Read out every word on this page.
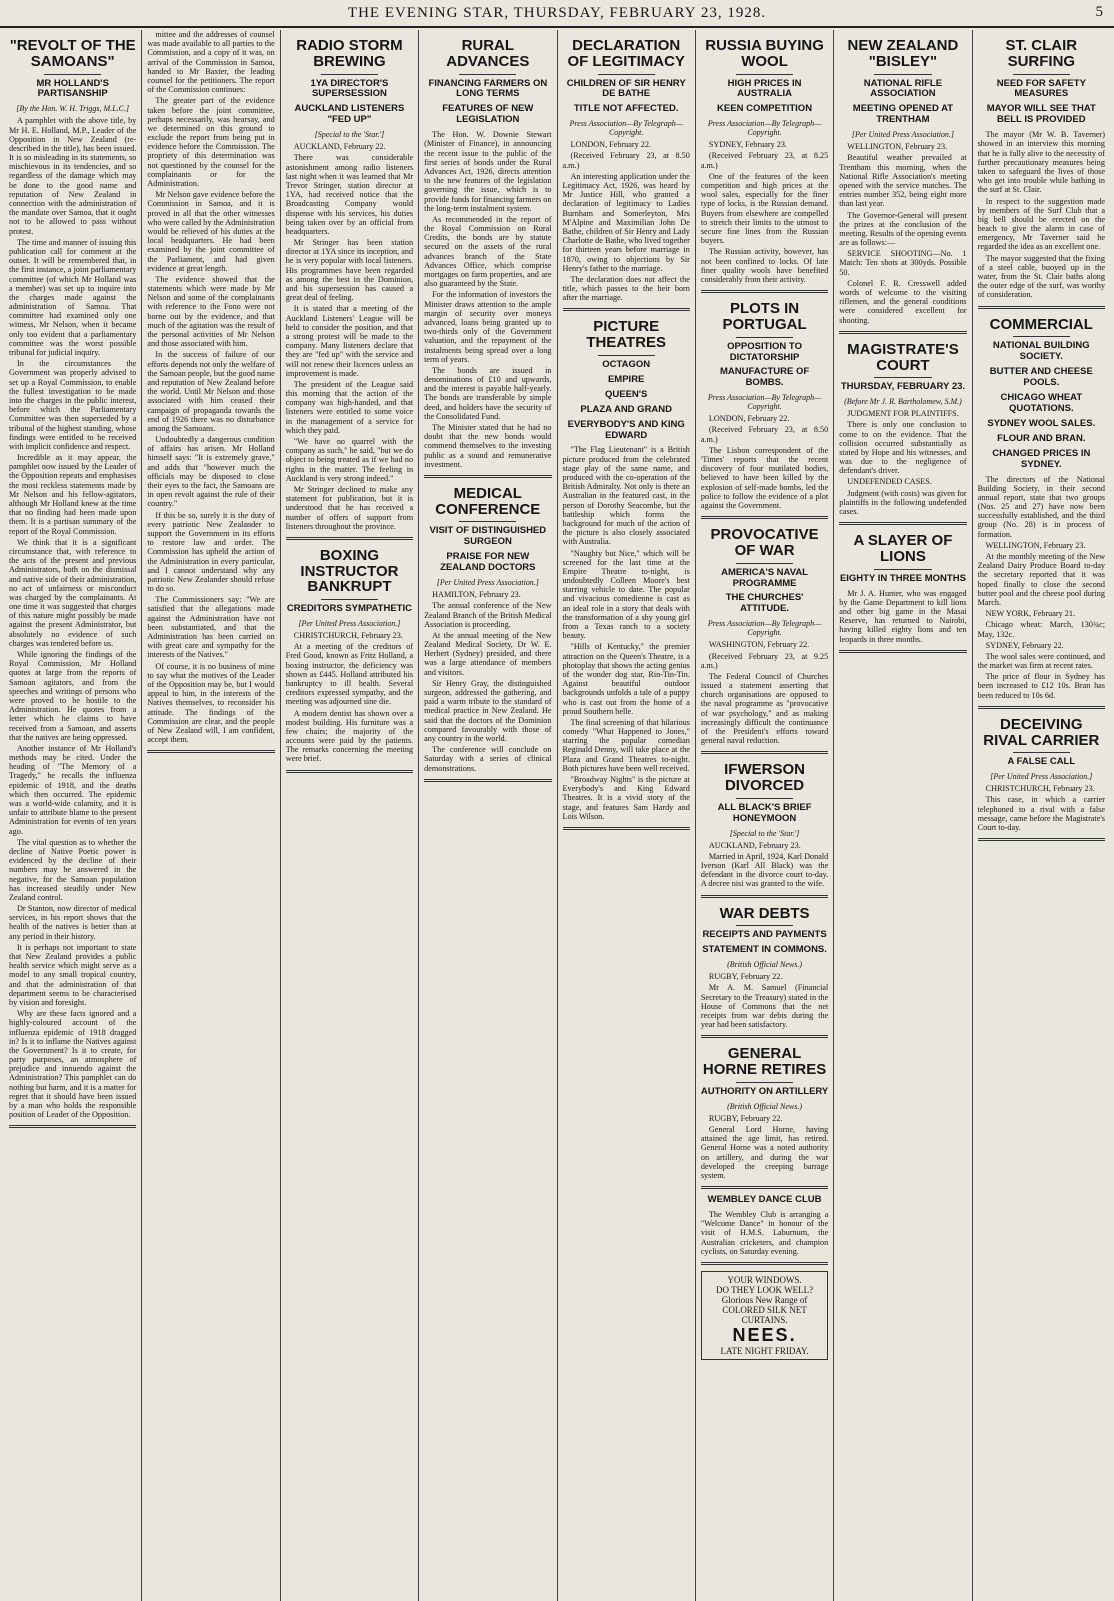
THE EVENING STAR, THURSDAY, FEBRUARY 23, 1928.	5
"REVOLT OF THE SAMOANS"
MR HOLLAND'S PARTISANSHIP
[By the Hon. W. H. Triggs, M.L.C.]

A pamphlet with the above title, by Mr H. E. Holland, M.P., Leader of the Opposition in New Zealand (re-described in the title), has been issued. It is so misleading in its statements, so mischievous in its tendencies, and so regardless of the damage which may be done to the good name and reputation of New Zealand in connection with the administration of the mandate over Samoa, that it ought not to be allowed to pass without protest.

The time and manner of issuing this publication call for comment at the outset. It will be remembered that, in the first instance, a joint parliamentary committee (of which Mr Holland was a member) was set up to inquire into the charges made against the administration of Samoa. That committee had examined only one witness, Mr Nelson, when it became only too evident that a parliamentary committee was the worst possible tribunal for judicial inquiry.

In the circumstances the Government was properly advised to set up a Royal Commission, to enable the fullest investigation to be made into the charges in the public interest, before which the Parliamentary Committee was then superseded by a tribunal of the highest standing, whose findings were entitled to be received with implicit confidence and respect.

Incredible as it may appear, the pamphlet now issued by the Leader of the Opposition repeats and emphasises the most reckless statements made by Mr Nelson and his fellow-agitators, although Mr Holland knew at the time that no finding had been made upon them. It is a partisan summary of the report of the Royal Commission.

We think that it is a significant circumstance that, with reference to the acts of the present and previous Administrators, both on the dismissal and native side of their administration, no act of unfairness or misconduct was charged by the complainants. At one time it was suggested that charges of this nature might possibly be made against the present Administrator, but absolutely no evidence of such charges was tendered before us.

While ignoring the findings of the Royal Commission, Mr Holland quotes at large from the reports of Samoan agitators, and from the speeches and writings of persons who were proved to be hostile to the Administration. He quotes from a letter which he claims to have received from a Samoan, and asserts that the natives are being oppressed.

Another instance of Mr Holland's methods may be cited. Under the heading of "The Memory of a Tragedy," he recalls the influenza epidemic of 1918, and the deaths which then occurred. The epidemic was a world-wide calamity, and it is unfair to attribute blame to the present Administration for events of ten years ago.

The vital question as to whether the decline of Native Poetic power is evidenced by the decline of their numbers may be answered in the negative, for the Samoan population has increased steadily under New Zealand control.

Dr Stanton, now director of medical services, in his report shows that the health of the natives is better than at any period in their history.

It is perhaps not important to state that New Zealand provides a public health service which might serve as a model to any small tropical country, and that the administration of that department seems to be characterised by vision and foresight.

Why are these facts ignored and a highly-coloured account of the influenza epidemic of 1918 dragged in? Is it to inflame the Natives against the Government? Is it to create, for party purposes, an atmosphere of prejudice and innuendo against the Administration? This pamphlet can do nothing but harm, and it is a matter for regret that it should have been issued by a man who holds the responsible position of Leader of the Opposition.

mittee and the addresses of counsel was made available to all parties to the Commission, and a copy of it was, on arrival of the Commission in Samoa, handed to Mr Baxter, the leading counsel for the petitioners. The report of the Commission continues:

The greater part of the evidence taken before the joint committee, perhaps necessarily, was hearsay, and we determined on this ground to exclude the report from being put in evidence before the Commission. The propriety of this determination was not questioned by the counsel for the complainants or for the Administration.

Mr Nelson gave evidence before the Commission in Samoa, and it is proved in all that the other witnesses who were called by the Administration would be relieved of his duties at the local headquarters. He had been examined by the joint committee of the Parliament, and had given evidence at great length.

The evidence showed that the statements which were made by Mr Nelson and some of the complainants with reference to the Fono were not borne out by the evidence, and that much of the agitation was the result of the personal activities of Mr Nelson and those associated with him.

In the success of failure of our efforts depends not only the welfare of the Samoan people, but the good name and reputation of New Zealand before the world. Until Mr Nelson and those associated with him ceased their campaign of propaganda towards the end of 1926 there was no disturbance among the Samoans.

Undoubtedly a dangerous condition of affairs has arisen. Mr Holland himself says: "It is extremely grave," and adds that "however much the officials may be disposed to close their eyes to the fact, the Samoans are in open revolt against the rule of their country."

If this be so, surely it is the duty of every patriotic New Zealander to support the Government in its efforts to restore law and order. The Commission has upheld the action of the Administration in every particular, and I cannot understand why any patriotic New Zealander should refuse to do so.

The Commissioners say: "We are satisfied that the allegations made against the Administration have not been substantiated, and that the Administration has been carried on with great care and sympathy for the interests of the Natives."

Of course, it is no business of mine to say what the motives of the Leader of the Opposition may be, but I would appeal to him, in the interests of the Natives themselves, to reconsider his attitude. The findings of the Commission are clear, and the people of New Zealand will, I am confident, accept them.

RADIO STORM BREWING
1YA DIRECTOR'S SUPERSESSION
AUCKLAND LISTENERS "FED UP"
[Special to the 'Star.']

AUCKLAND, February 22.

There was considerable astonishment among radio listeners last night when it was learned that Mr Trevor Stringer, station director at 1YA, had received notice that the Broadcasting Company would dispense with his services, his duties being taken over by an official from headquarters.

Mr Stringer has been station director at 1YA since its inception, and he is very popular with local listeners. His programmes have been regarded as among the best in the Dominion, and his supersession has caused a great deal of feeling.

It is stated that a meeting of the Auckland Listeners' League will be held to consider the position, and that a strong protest will be made to the company. Many listeners declare that they are "fed up" with the service and will not renew their licences unless an improvement is made.

The president of the League said this morning that the action of the company was high-handed, and that listeners were entitled to some voice in the management of a service for which they paid.

"We have no quarrel with the company as such," he said, "but we do object to being treated as if we had no rights in the matter. The feeling in Auckland is very strong indeed."

Mr Stringer declined to make any statement for publication, but it is understood that he has received a number of offers of support from listeners throughout the province.

BOXING INSTRUCTOR BANKRUPT
CREDITORS SYMPATHETIC
[Per United Press Association.]

CHRISTCHURCH, February 23.

At a meeting of the creditors of Fred Good, known as Fritz Holland, a boxing instructor, the deficiency was shown as £445. Holland attributed his bankruptcy to ill health. Several creditors expressed sympathy, and the meeting was adjourned sine die.

A modern dentist has shown over a modest building. His furniture was a few chairs; the majority of the accounts were paid by the patients. The remarks concerning the meeting were brief.

RURAL ADVANCES
FINANCING FARMERS ON LONG TERMS
FEATURES OF NEW LEGISLATION

The Hon. W. Downie Stewart (Minister of Finance), in announcing the recent issue to the public of the first series of bonds under the Rural Advances Act, 1926, directs attention to the new features of the legislation governing the issue, which is to provide funds for financing farmers on the long-term instalment system.

As recommended in the report of the Royal Commission on Rural Credits, the bonds are by statute secured on the assets of the rural advances branch of the State Advances Office, which comprise mortgages on farm properties, and are also guaranteed by the State.

For the information of investors the Minister draws attention to the ample margin of security over moneys advanced, loans being granted up to two-thirds only of the Government valuation, and the repayment of the instalments being spread over a long term of years.

The bonds are issued in denominations of £10 and upwards, and the interest is payable half-yearly. The bonds are transferable by simple deed, and holders have the security of the Consolidated Fund.

The Minister stated that he had no doubt that the new bonds would commend themselves to the investing public as a sound and remunerative investment.

MEDICAL CONFERENCE
VISIT OF DISTINGUISHED SURGEON
PRAISE FOR NEW ZEALAND DOCTORS
[Per United Press Association.]

HAMILTON, February 23.

The annual conference of the New Zealand Branch of the British Medical Association is proceeding.

At the annual meeting of the New Zealand Medical Society, Dr W. E. Herbert (Sydney) presided, and there was a large attendance of members and visitors.

Sir Henry Gray, the distinguished surgeon, addressed the gathering, and paid a warm tribute to the standard of medical practice in New Zealand. He said that the doctors of the Dominion compared favourably with those of any country in the world.

The conference will conclude on Saturday with a series of clinical demonstrations.

DECLARATION OF LEGITIMACY
CHILDREN OF SIR HENRY DE BATHE
TITLE NOT AFFECTED.
Press Association—By Telegraph—Copyright.

LONDON, February 22.

(Received February 23, at 8.50 a.m.)

An interesting application under the Legitimacy Act, 1926, was heard by Mr Justice Hill, who granted a declaration of legitimacy to Ladies Burnham and Somerleyton, Mrs M'Alpine and Maximilian John De Bathe, children of Sir Henry and Lady Charlotte de Bathe, who lived together for thirteen years before marriage in 1870, owing to objections by Sir Henry's father to the marriage.

The declaration does not affect the title, which passes to the heir born after the marriage.

PICTURE THEATRES
OCTAGON
EMPIRE
QUEEN'S
PLAZA AND GRAND
EVERYBODY'S AND KING EDWARD

"The Flag Lieutenant" is a British picture produced from the celebrated stage play of the same name, and produced with the co-operation of the British Admiralty. Not only is there an Australian in the featured cast, in the person of Dorothy Seacombe, but the battleship which forms the background for much of the action of the picture is also closely associated with Australia.

"Naughty but Nice," which will be screened for the last time at the Empire Theatre to-night, is undoubtedly Colleen Moore's best starring vehicle to date. The popular and vivacious comedienne is cast as an ideal role in a story that deals with the transformation of a shy young girl from a Texas ranch to a society beauty.

"Hills of Kentucky," the premier attraction on the Queen's Theatre, is a photoplay that shows the acting genius of the wonder dog star, Rin-Tin-Tin. Against beautiful outdoor backgrounds unfolds a tale of a puppy who is cast out from the home of a proud Southern belle.

The final screening of that hilarious comedy "What Happened to Jones," starring the popular comedian Reginald Denny, will take place at the Plaza and Grand Theatres to-night. Both pictures have been well received.

"Broadway Nights" is the picture at Everybody's and King Edward Theatres. It is a vivid story of the stage, and features Sam Hardy and Lois Wilson.

RUSSIA BUYING WOOL
HIGH PRICES IN AUSTRALIA
KEEN COMPETITION
Press Association—By Telegraph—Copyright.

SYDNEY, February 23.

(Received February 23, at 8.25 a.m.)

One of the features of the keen competition and high prices at the wool sales, especially for the finer type of locks, is the Russian demand. Buyers from elsewhere are compelled to stretch their limits to the utmost to secure fine lines from the Russian buyers.

The Russian activity, however, has not been confined to locks. Of late finer quality wools have benefited considerably from their activity.

PLOTS IN PORTUGAL
OPPOSITION TO DICTATORSHIP
MANUFACTURE OF BOMBS.
Press Association—By Telegraph—Copyright.

LONDON, February 22.

(Received February 23, at 8.50 a.m.)

The Lisbon correspondent of the 'Times' reports that the recent discovery of four mutilated bodies, believed to have been killed by the explosion of self-made bombs, led the police to follow the evidence of a plot against the Government.

PROVOCATIVE OF WAR
AMERICA'S NAVAL PROGRAMME
THE CHURCHES' ATTITUDE.
Press Association—By Telegraph—Copyright.

WASHINGTON, February 22.

(Received February 23, at 9.25 a.m.)

The Federal Council of Churches issued a statement asserting that church organisations are opposed to the naval programme as "provocative of war psychology," and as making increasingly difficult the continuance of the President's efforts toward general naval reduction.

IFWERSON DIVORCED
ALL BLACK'S BRIEF HONEYMOON
[Special to the 'Star.']

AUCKLAND, February 23.

Married in April, 1924, Karl Donald Iverson (Karl All Black) was the defendant in the divorce court to-day. A decree nisi was granted to the wife.

WAR DEBTS
RECEIPTS AND PAYMENTS
STATEMENT IN COMMONS.
(British Official News.)

RUGBY, February 22.

Mr A. M. Samuel (Financial Secretary to the Treasury) stated in the House of Commons that the net receipts from war debts during the year had been satisfactory.

GENERAL HORNE RETIRES
AUTHORITY ON ARTILLERY
(British Official News.)

RUGBY, February 22.

General Lord Horne, having attained the age limit, has retired. General Horne was a noted authority on artillery, and during the war developed the creeping barrage system.

WEMBLEY DANCE CLUB

The Wembley Club is arranging a "Welcome Dance" in honour of the visit of H.M.S. Laburnum, the Australian cricketers, and champion cyclists, on Saturday evening.

YOUR WINDOWS.
DO THEY LOOK WELL?
Glorious New Range of
COLORED SILK NET CURTAINS.
NEES.
LATE NIGHT FRIDAY.
NEW ZEALAND "BISLEY"
NATIONAL RIFLE ASSOCIATION
MEETING OPENED AT TRENTHAM
[Per United Press Association.]

WELLINGTON, February 23.

Beautiful weather prevailed at Trentham this morning, when the National Rifle Association's meeting opened with the service matches. The entries number 352, being eight more than last year.

The Governor-General will present the prizes at the conclusion of the meeting. Results of the opening events are as follows:—

SERVICE SHOOTING—No. 1 Match: Ten shots at 300yds. Possible 50.

Colonel F. R. Cresswell added words of welcome to the visiting riflemen, and the general conditions were considered excellent for shooting.

MAGISTRATE'S COURT
THURSDAY, FEBRUARY 23.
(Before Mr J. R. Bartholomew, S.M.)

JUDGMENT FOR PLAINTIFFS.

There is only one conclusion to come to on the evidence. That the collision occurred substantially as stated by Hope and his witnesses, and was due to the negligence of defendant's driver.

UNDEFENDED CASES.

Judgment (with costs) was given for plaintiffs in the following undefended cases.

A SLAYER OF LIONS
EIGHTY IN THREE MONTHS

Mr J. A. Hunter, who was engaged by the Game Department to kill lions and other big game in the Masai Reserve, has returned to Nairobi, having killed eighty lions and ten leopards in three months.

ST. CLAIR SURFING
NEED FOR SAFETY MEASURES
MAYOR WILL SEE THAT BELL IS PROVIDED

The mayor (Mr W. B. Taverner) showed in an interview this morning that he is fully alive to the necessity of further precautionary measures being taken to safeguard the lives of those who get into trouble while bathing in the surf at St. Clair.

In respect to the suggestion made by members of the Surf Club that a big bell should be erected on the beach to give the alarm in case of emergency, Mr Taverner said he regarded the idea as an excellent one.

The mayor suggested that the fixing of a steel cable, buoyed up in the water, from the St. Clair baths along the outer edge of the surf, was worthy of consideration.

COMMERCIAL
NATIONAL BUILDING SOCIETY.
BUTTER AND CHEESE POOLS.
CHICAGO WHEAT QUOTATIONS.
SYDNEY WOOL SALES.
FLOUR AND BRAN.
CHANGED PRICES IN SYDNEY.

The directors of the National Building Society, in their second annual report, state that two groups (Nos. 25 and 27) have now been successfully established, and the third group (No. 28) is in process of formation.

WELLINGTON, February 23.

At the monthly meeting of the New Zealand Dairy Produce Board to-day the secretary reported that it was hoped finally to close the second butter pool and the cheese pool during March.

NEW YORK, February 21.

Chicago wheat: March, 130¾c; May, 132c.

SYDNEY, February 22.

The wool sales were continued, and the market was firm at recent rates.

The price of flour in Sydney has been increased to £12 10s. Bran has been reduced to 10s 6d.

DECEIVING RIVAL CARRIER
A FALSE CALL
[Per United Press Association.]

CHRISTCHURCH, February 23.

This case, in which a carrier telephoned to a rival with a false message, came before the Magistrate's Court to-day.
